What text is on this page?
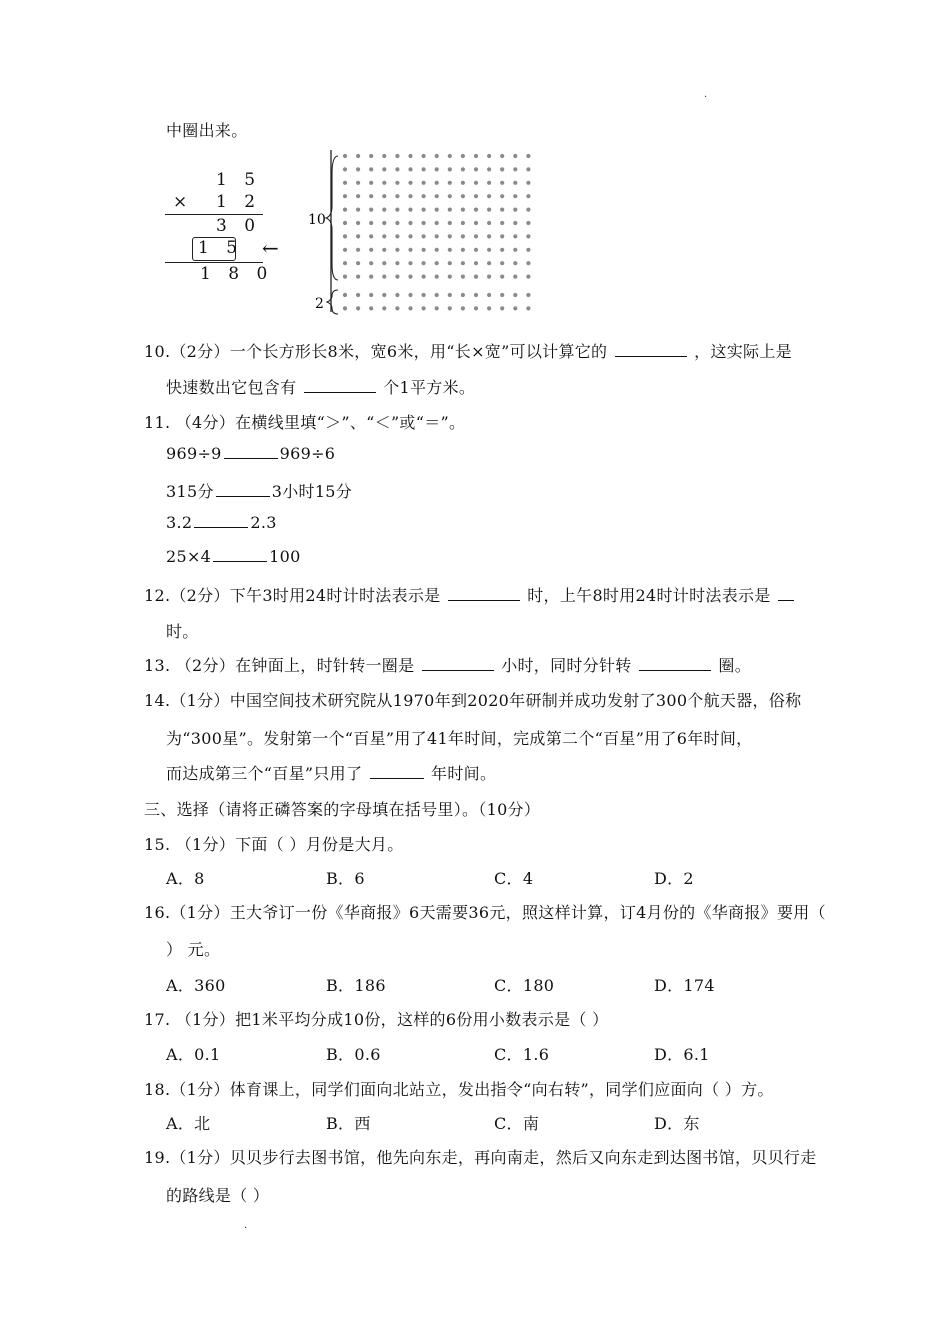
·
·
中圈出来。
1 5
× 1 2
3 0
1 5 ←
1 8 0
10
2
10.（2分）一个长方形长8米，宽6米，用“长×宽”可以计算它的	，这实际上是
快速数出它包含有	个1平方米。
11. （4分）在横线里填“＞”、“＜”或“＝”。
969÷9	969÷6
315分	3小时15分
3.2	2.3
25×4	100
12.（2分）下午3时用24时计时法表示是	时，上午8时用24时计时法表示是
时。
13. （2分）在钟面上，时针转一圈是	小时，同时分针转	圈。
14.（1分）中国空间技术研究院从1970年到2020年研制并成功发射了300个航天器，俗称
为“300星”。发射第一个“百星”用了41年时间，完成第二个“百星”用了6年时间，
而达成第三个“百星”只用了	年时间。
三、选择（请将正磷答案的字母填在括号里）。（10分）
15. （1分）下面（ ）月份是大月。
A．8	B．6	C．4	D．2
16.（1分）王大爷订一份《华商报》6天需要36元，照这样计算，订4月份的《华商报》要用（
） 元。
A．360	B．186	C．180	D．174
17. （1分）把1米平均分成10份，这样的6份用小数表示是（ ）
A．0.1	B．0.6	C．1.6	D．6.1
18.（1分）体育课上，同学们面向北站立，发出指令“向右转”，同学们应面向（ ）方。
A．北	B．西	C．南	D．东
19.（1分）贝贝步行去图书馆，他先向东走，再向南走，然后又向东走到达图书馆，贝贝行走
的路线是（ ）
